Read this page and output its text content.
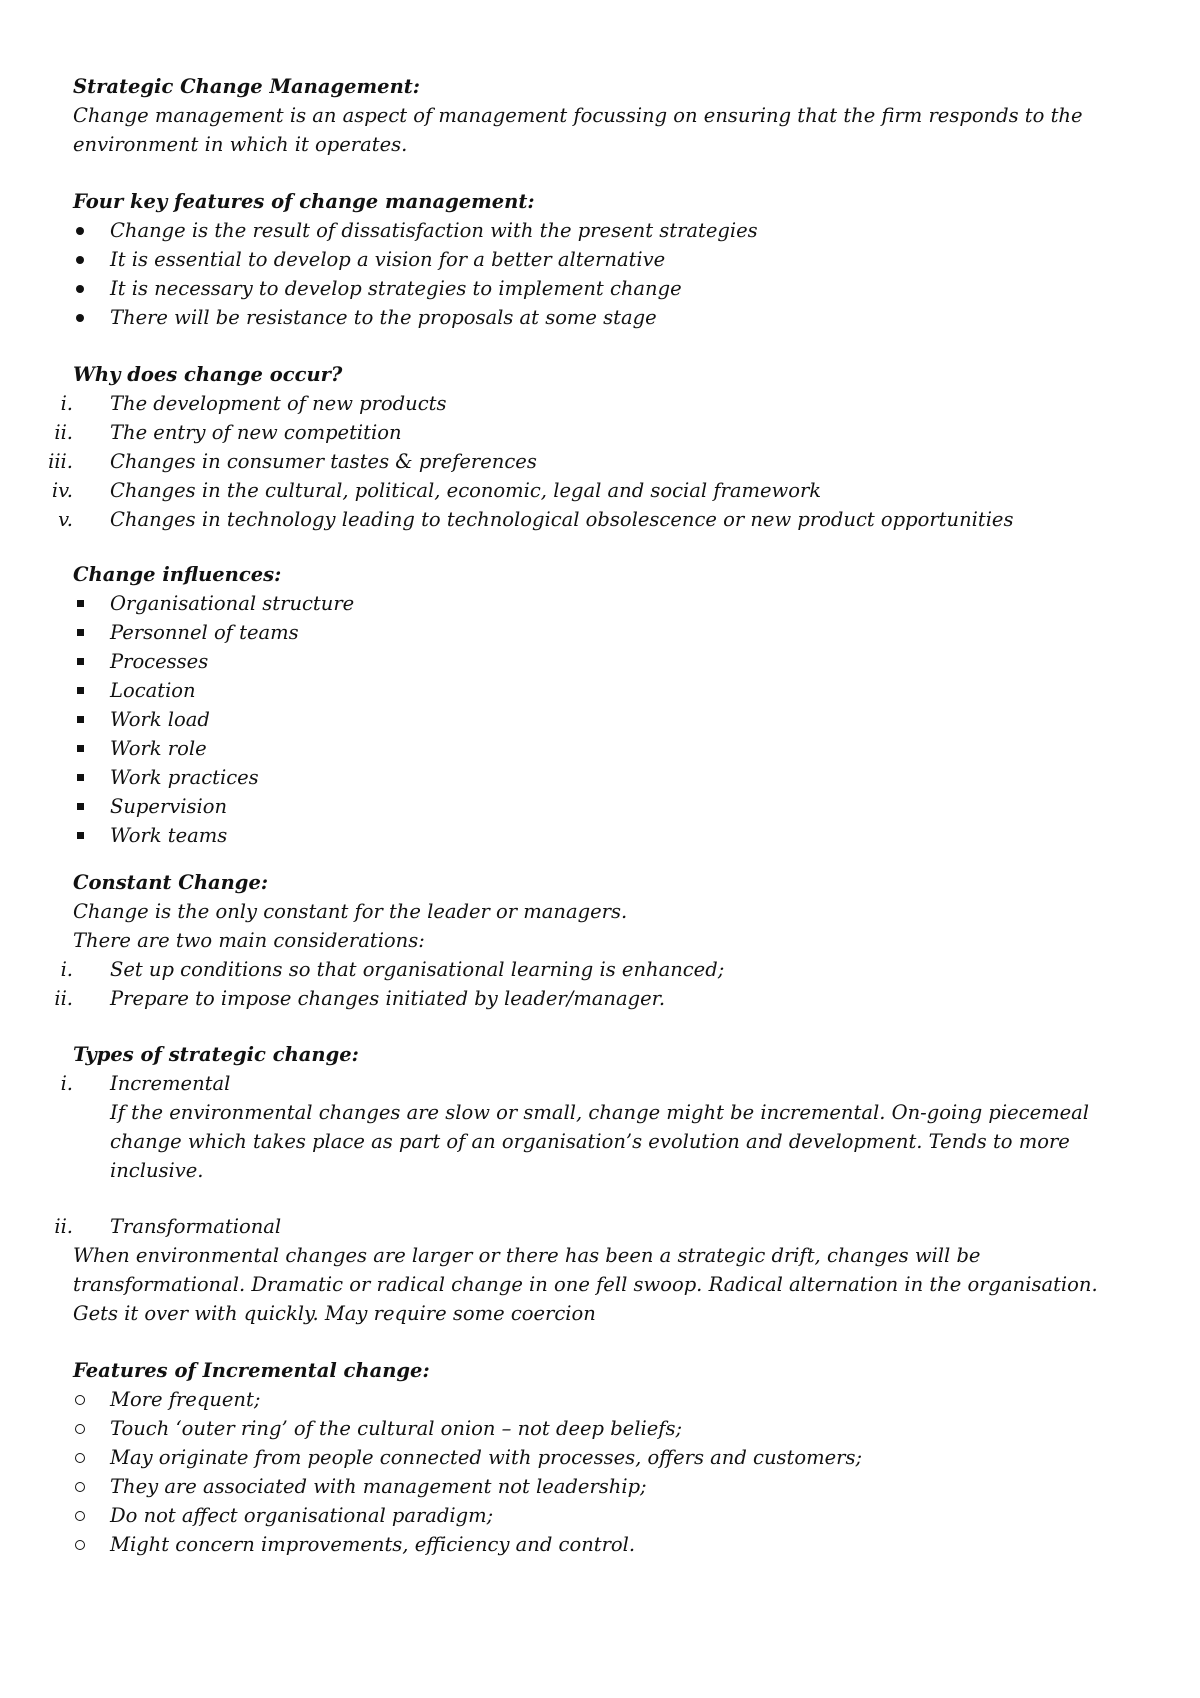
Strategic Change Management:
Change management is an aspect of management focussing on ensuring that the firm responds to the
environment in which it operates.
Four key features of change management:
Change is the result of dissatisfaction with the present strategies
It is essential to develop a vision for a better alternative
It is necessary to develop strategies to implement change
There will be resistance to the proposals at some stage
Why does change occur?
i. The development of new products
ii. The entry of new competition
iii. Changes in consumer tastes & preferences
iv. Changes in the cultural, political, economic, legal and social framework
v. Changes in technology leading to technological obsolescence or new product opportunities
Change influences:
Organisational structure
Personnel of teams
Processes
Location
Work load
Work role
Work practices
Supervision
Work teams
Constant Change:
Change is the only constant for the leader or managers.
There are two main considerations:
i. Set up conditions so that organisational learning is enhanced;
ii. Prepare to impose changes initiated by leader/manager.
Types of strategic change:
i. Incremental
If the environmental changes are slow or small, change might be incremental. On-going piecemeal
change which takes place as part of an organisation’s evolution and development. Tends to more
inclusive.
ii. Transformational
When environmental changes are larger or there has been a strategic drift, changes will be
transformational. Dramatic or radical change in one fell swoop. Radical alternation in the organisation.
Gets it over with quickly. May require some coercion
Features of Incremental change:
More frequent;
Touch ‘outer ring’ of the cultural onion – not deep beliefs;
May originate from people connected with processes, offers and customers;
They are associated with management not leadership;
Do not affect organisational paradigm;
Might concern improvements, efficiency and control.
